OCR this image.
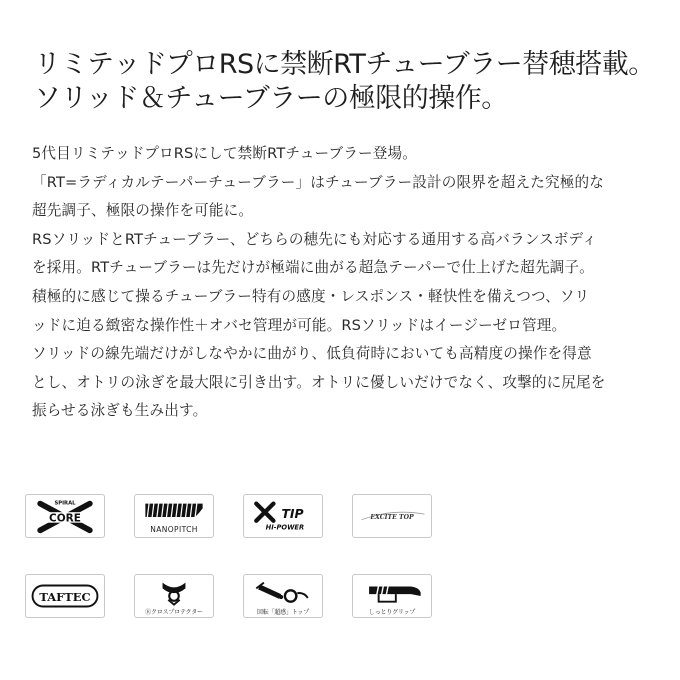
リミテッドプロRSに禁断RTチューブラー替穂搭載。
ソリッド＆チューブラーの極限的操作。
5代目リミテッドプロRSにして禁断RTチューブラー登場。
「RT=ラディカルテーパーチューブラー」はチューブラー設計の限界を超えた究極的な
超先調子、極限の操作を可能に。
RSソリッドとRTチューブラー、どちらの穂先にも対応する通用する高バランスボディ
を採用。RTチューブラーは先だけが極端に曲がる超急テーパーで仕上げた超先調子。
積極的に感じて操るチューブラー特有の感度・レスポンス・軽快性を備えつつ、ソリ
ッドに迫る緻密な操作性＋オバセ管理が可能。RSソリッドはイージーゼロ管理。
ソリッドの線先端だけがしなやかに曲がり、低負荷時においても高精度の操作を得意
とし、オトリの泳ぎを最大限に引き出す。オトリに優しいだけでなく、攻撃的に尻尾を
振らせる泳ぎも生み出す。
SPIRAL
CORE
NANOPITCH
TIP
HI-POWER
EXCITE TOP
TAFTEC
Ⓡクロスプロテクター	回転「超感」トップ	しっとりグリップ
